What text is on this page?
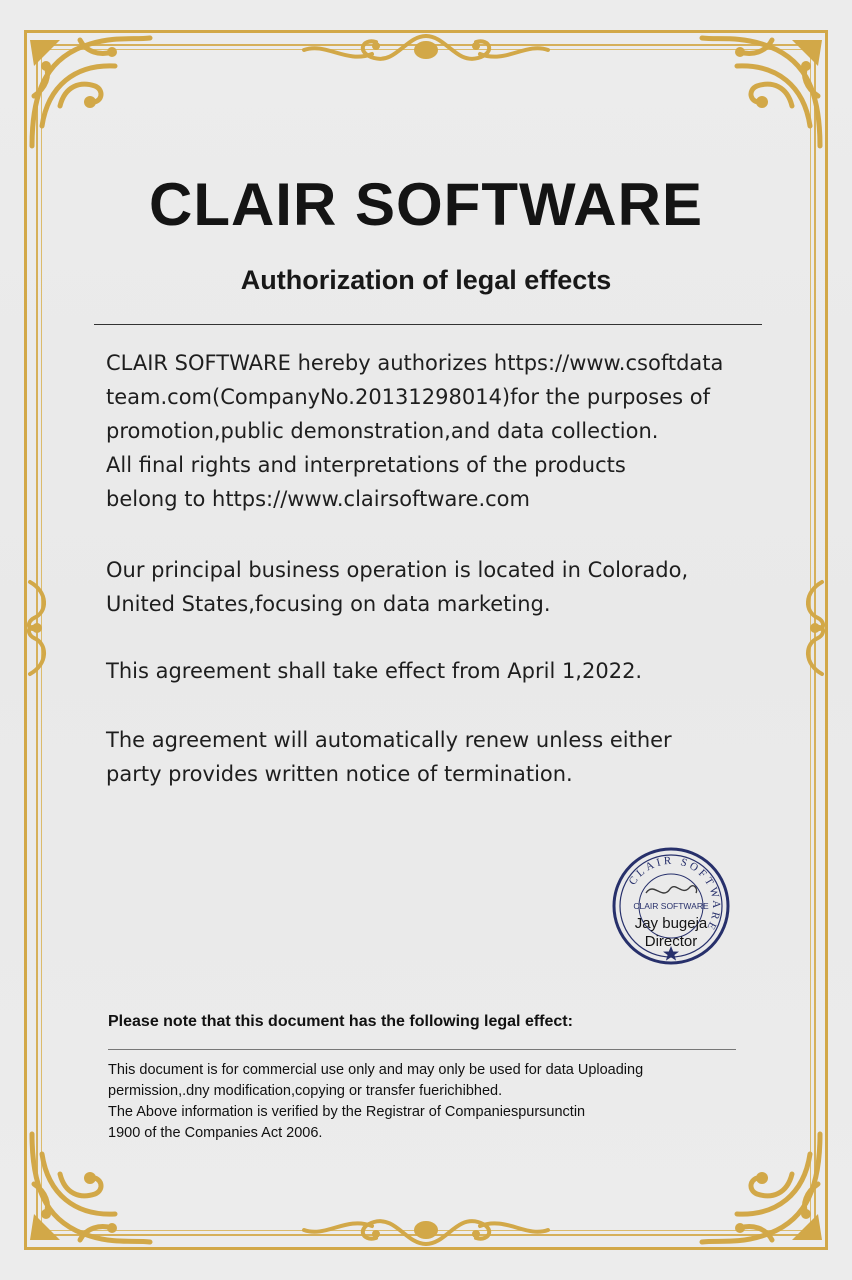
CLAIR SOFTWARE
Authorization of legal effects
CLAIR SOFTWARE hereby authorizes https://www.csoftdata
team.com(CompanyNo.20131298014)for the purposes of
promotion,public demonstration,and data collection.
All final rights and interpretations of the products
belong to https://www.clairsoftware.com
Our principal business operation is located in Colorado,
United States,focusing on data marketing.
This agreement shall take effect from April 1,2022.
The agreement will automatically renew unless either
party provides written notice of termination.
CLAIR SOFTWARE
CLAIR SOFTWARE
Jay bugeja
Director
Please note that this document has the following legal effect:
This document is for commercial use only and may only be used for data Uploading
permission,.dny modification,copying or transfer fuerichibhed.
The Above information is verified by the Registrar of Companiespursunctin
1900 of the Companies Act 2006.
